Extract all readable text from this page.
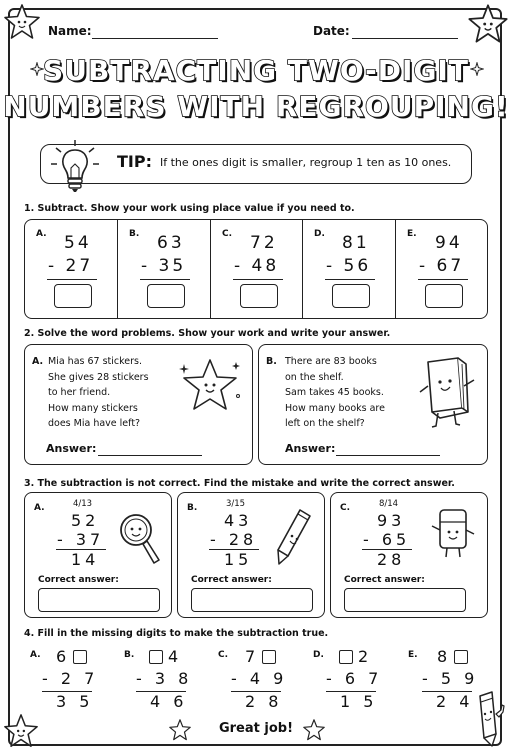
Name:	Date:
SUBTRACTING TWO-DIGIT
NUMBERS WITH REGROUPING!
TIP: If the ones digit is smaller, regroup 1 ten as 10 ones.
1. Subtract. Show your work using place value if you need to.
A. 54
- 27
B. 63
- 35
C. 72
- 48
D. 81
- 56
E. 94
- 67
2. Solve the word problems. Show your work and write your answer.
A. Mia has 67 stickers.
She gives 28 stickers
to her friend.
How many stickers
does Mia have left?
Answer:
B. There are 83 books
on the shelf.
Sam takes 45 books.
How many books are
left on the shelf?
Answer:
3. The subtraction is not correct. Find the mistake and write the correct answer.
A.	4/13
52
- 37
14
Correct answer:
B.	3/15
43
- 28
15
Correct answer:
C.	8/14
93
- 65
28
Correct answer:
4. Fill in the missing digits to make the subtraction true.
A. 6
- 2 7
3 5
B. 4
- 3 8
4 6
C. 7
- 4 9
2 8
D. 2
- 6 7
1 5
E. 8
- 5 9
2 4
Great job!
